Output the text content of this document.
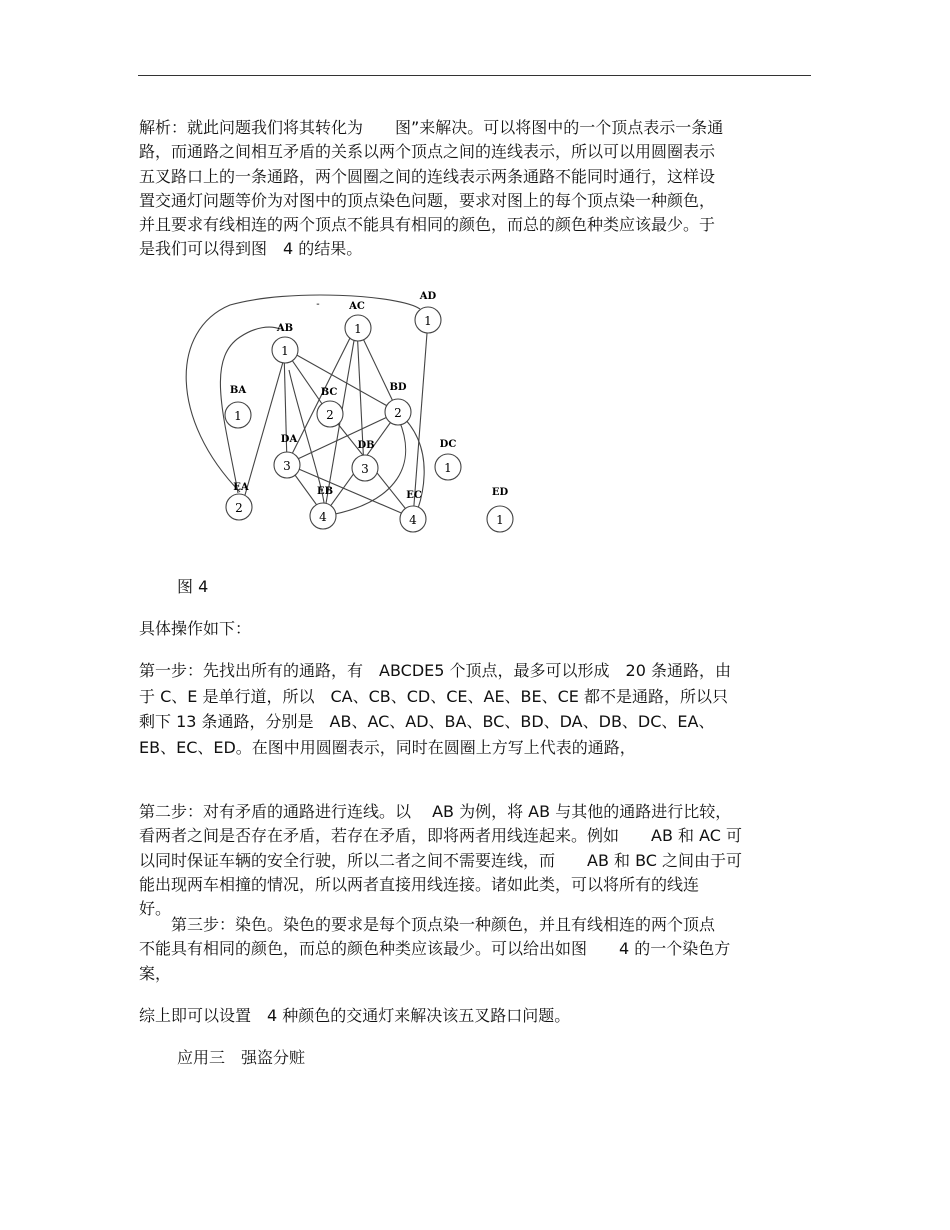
解析：就此问题我们将其转化为　　图”来解决。可以将图中的一个顶点表示一条通
路，而通路之间相互矛盾的关系以两个顶点之间的连线表示，所以可以用圆圈表示
五叉路口上的一条通路，两个圆圈之间的连线表示两条通路不能同时通行，这样设
置交通灯问题等价为对图中的顶点染色问题，要求对图上的每个顶点染一种颜色，
并且要求有线相连的两个顶点不能具有相同的颜色，而总的颜色种类应该最少。于
是我们可以得到图　4 的结果。
1
AC
1
AD
1
AB
1
BA
2
BC
2
BD
3
DA
3
DB
1
DC
2
EA
4
EB
4
EC
1
ED
-
图 4
具体操作如下：
第一步：先找出所有的通路，有　ABCDE5 个顶点，最多可以形成　20 条通路，由
于 C、E 是单行道，所以　CA、CB、CD、CE、AE、BE、CE 都不是通路，所以只
剩下 13 条通路，分别是　AB、AC、AD、BA、BC、BD、DA、DB、DC、EA、
EB、EC、ED。在图中用圆圈表示，同时在圆圈上方写上代表的通路，
第二步：对有矛盾的通路进行连线。以　 AB 为例，将 AB 与其他的通路进行比较，
看两者之间是否存在矛盾，若存在矛盾，即将两者用线连起来。例如　　AB 和 AC 可
以同时保证车辆的安全行驶，所以二者之间不需要连线，而　　AB 和 BC 之间由于可
能出现两车相撞的情况，所以两者直接用线连接。诸如此类，可以将所有的线连
好。
　　第三步：染色。染色的要求是每个顶点染一种颜色，并且有线相连的两个顶点
不能具有相同的颜色，而总的颜色种类应该最少。可以给出如图　　4 的一个染色方
案，
综上即可以设置　4 种颜色的交通灯来解决该五叉路口问题。
应用三　强盗分赃
